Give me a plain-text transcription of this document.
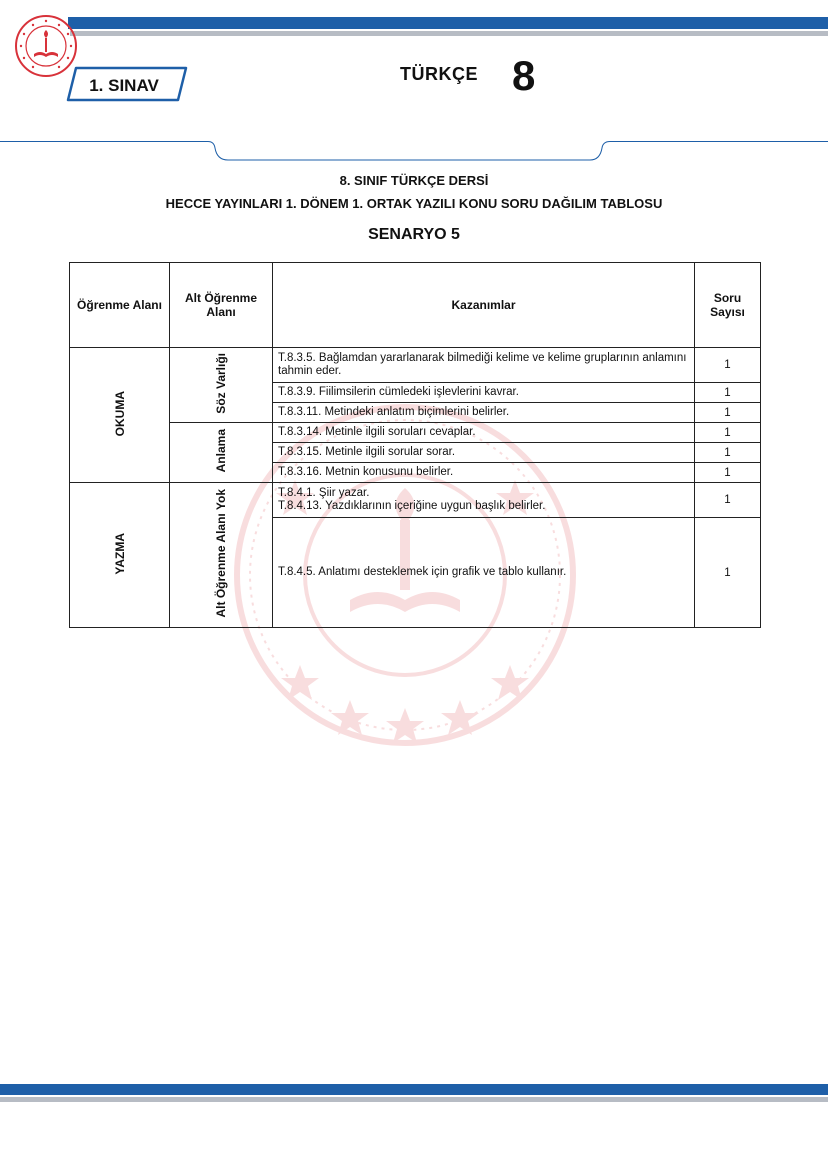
1. SINAV
TÜRKÇE 8
8. SINIF TÜRKÇE DERSİ
HECCE YAYINLARI 1. DÖNEM 1. ORTAK YAZILI KONU SORU DAĞILIM TABLOSU
SENARYO 5
Öğrenme Alanı	Alt Öğrenme Alanı	Kazanımlar	Soru Sayısı
OKUMA	Söz Varlığı	T.8.3.5. Bağlamdan yararlanarak bilmediği kelime ve kelime gruplarının anlamını tahmin eder.	1
		T.8.3.9. Fiilimsilerin cümledeki işlevlerini kavrar.	1
		T.8.3.11. Metindeki anlatım biçimlerini belirler.	1
	Anlama	T.8.3.14. Metinle ilgili soruları cevaplar.	1
		T.8.3.15. Metinle ilgili sorular sorar.	1
		T.8.3.16. Metnin konusunu belirler.	1
YAZMA	Alt Öğrenme Alanı Yok	T.8.4.1. Şiir yazar.
T.8.4.13. Yazdıklarının içeriğine uygun başlık belirler.	1
		T.8.4.5. Anlatımı desteklemek için grafik ve tablo kullanır.	1
